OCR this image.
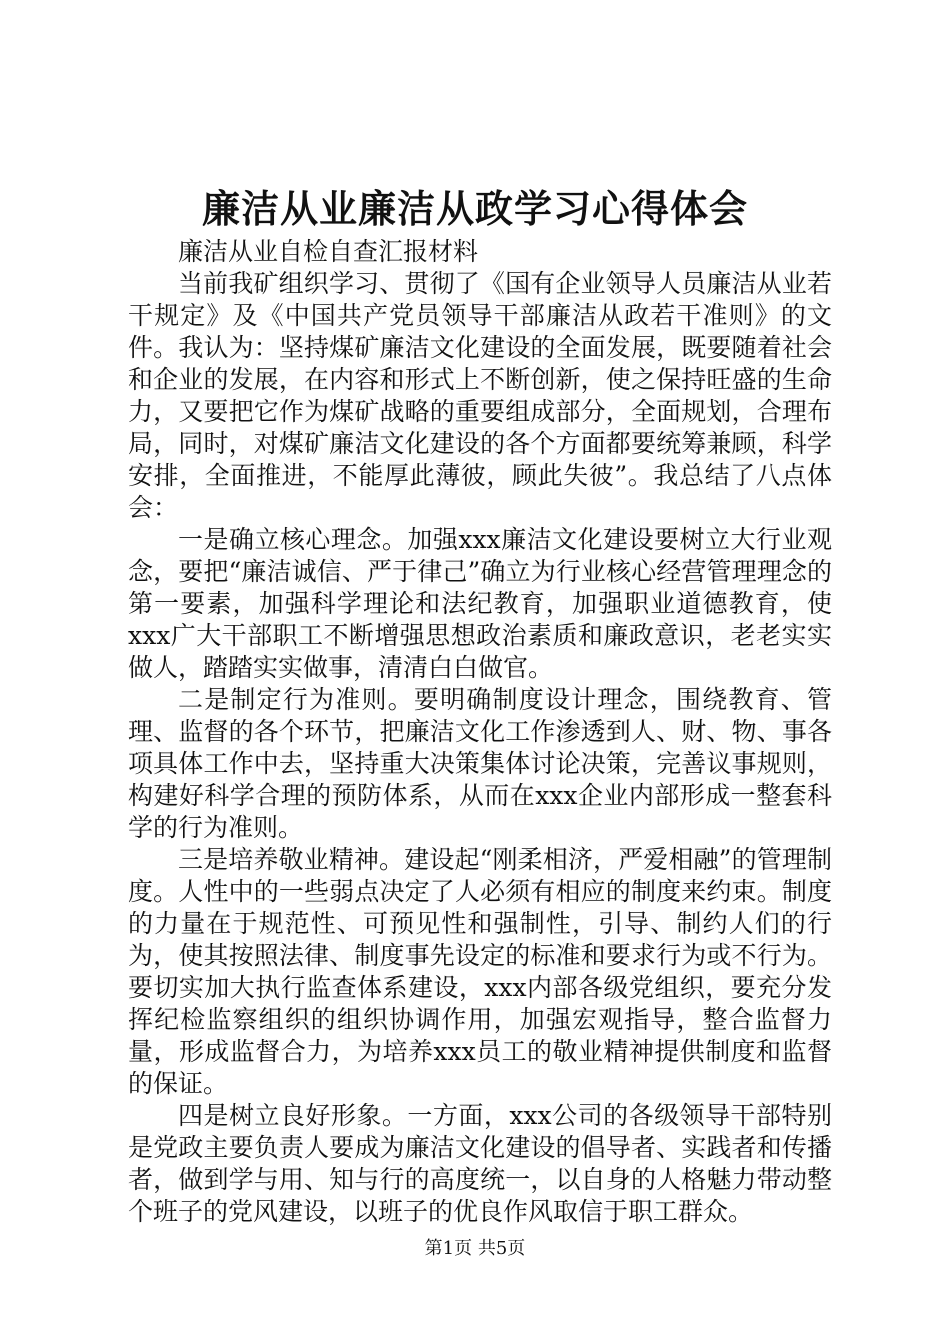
廉洁从业廉洁从政学习心得体会

廉洁从业自检自查汇报材料

当前我矿组织学习、贯彻了《国有企业领导人员廉洁从业若干规定》及《中国共产党员领导干部廉洁从政若干准则》的文件。我认为：坚持煤矿廉洁文化建设的全面发展，既要随着社会和企业的发展，在内容和形式上不断创新，使之保持旺盛的生命力，又要把它作为煤矿战略的重要组成部分，全面规划，合理布局，同时，对煤矿廉洁文化建设的各个方面都要统筹兼顾，科学安排，全面推进，不能厚此薄彼，顾此失彼”。我总结了八点体会：

一是确立核心理念。加强xxx廉洁文化建设要树立大行业观念，要把“廉洁诚信、严于律己”确立为行业核心经营管理理念的第一要素，加强科学理论和法纪教育，加强职业道德教育，使xxx广大干部职工不断增强思想政治素质和廉政意识，老老实实做人，踏踏实实做事，清清白白做官。

二是制定行为准则。要明确制度设计理念，围绕教育、管理、监督的各个环节，把廉洁文化工作渗透到人、财、物、事各项具体工作中去，坚持重大决策集体讨论决策，完善议事规则，构建好科学合理的预防体系，从而在xxx企业内部形成一整套科学的行为准则。

三是培养敬业精神。建设起“刚柔相济，严爱相融”的管理制度。人性中的一些弱点决定了人必须有相应的制度来约束。制度的力量在于规范性、可预见性和强制性，引导、制约人们的行为，使其按照法律、制度事先设定的标准和要求行为或不行为。要切实加大执行监查体系建设，xxx内部各级党组织，要充分发挥纪检监察组织的组织协调作用，加强宏观指导，整合监督力量，形成监督合力，为培养xxx员工的敬业精神提供制度和监督的保证。

四是树立良好形象。一方面，xxx公司的各级领导干部特别是党政主要负责人要成为廉洁文化建设的倡导者、实践者和传播者，做到学与用、知与行的高度统一，以自身的人格魅力带动整个班子的党风建设，以班子的优良作风取信于职工群众。

第1页 共5页
